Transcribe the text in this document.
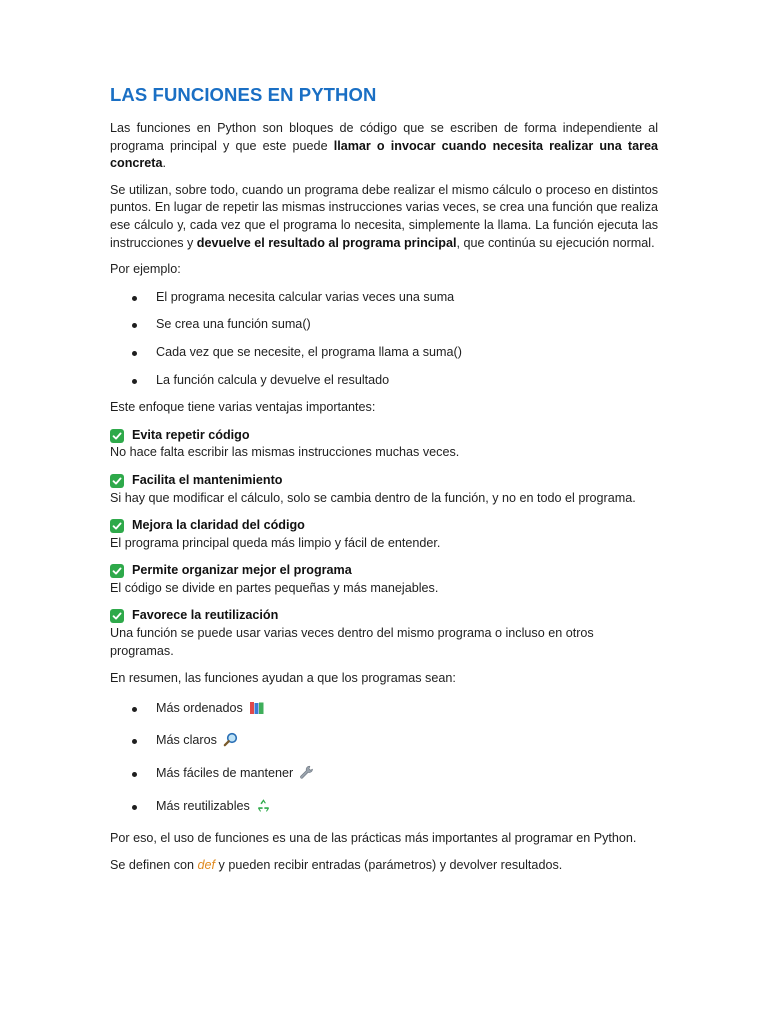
LAS FUNCIONES EN PYTHON

Las funciones en Python son bloques de código que se escriben de forma independiente al programa principal y que este puede llamar o invocar cuando necesita realizar una tarea concreta.

Se utilizan, sobre todo, cuando un programa debe realizar el mismo cálculo o proceso en distintos puntos. En lugar de repetir las mismas instrucciones varias veces, se crea una función que realiza ese cálculo y, cada vez que el programa lo necesita, simplemente la llama. La función ejecuta las instrucciones y devuelve el resultado al programa principal, que continúa su ejecución normal.

Por ejemplo:

El programa necesita calcular varias veces una suma
Se crea una función suma()
Cada vez que se necesite, el programa llama a suma()
La función calcula y devuelve el resultado

Este enfoque tiene varias ventajas importantes:

Evita repetir código
No hace falta escribir las mismas instrucciones muchas veces.
Facilita el mantenimiento
Si hay que modificar el cálculo, solo se cambia dentro de la función, y no en todo el programa.
Mejora la claridad del código
El programa principal queda más limpio y fácil de entender.
Permite organizar mejor el programa
El código se divide en partes pequeñas y más manejables.
Favorece la reutilización
Una función se puede usar varias veces dentro del mismo programa o incluso en otros programas.

En resumen, las funciones ayudan a que los programas sean:

Más ordenados
Más claros
Más fáciles de mantener
Más reutilizables

Por eso, el uso de funciones es una de las prácticas más importantes al programar en Python.

Se definen con def y pueden recibir entradas (parámetros) y devolver resultados.
